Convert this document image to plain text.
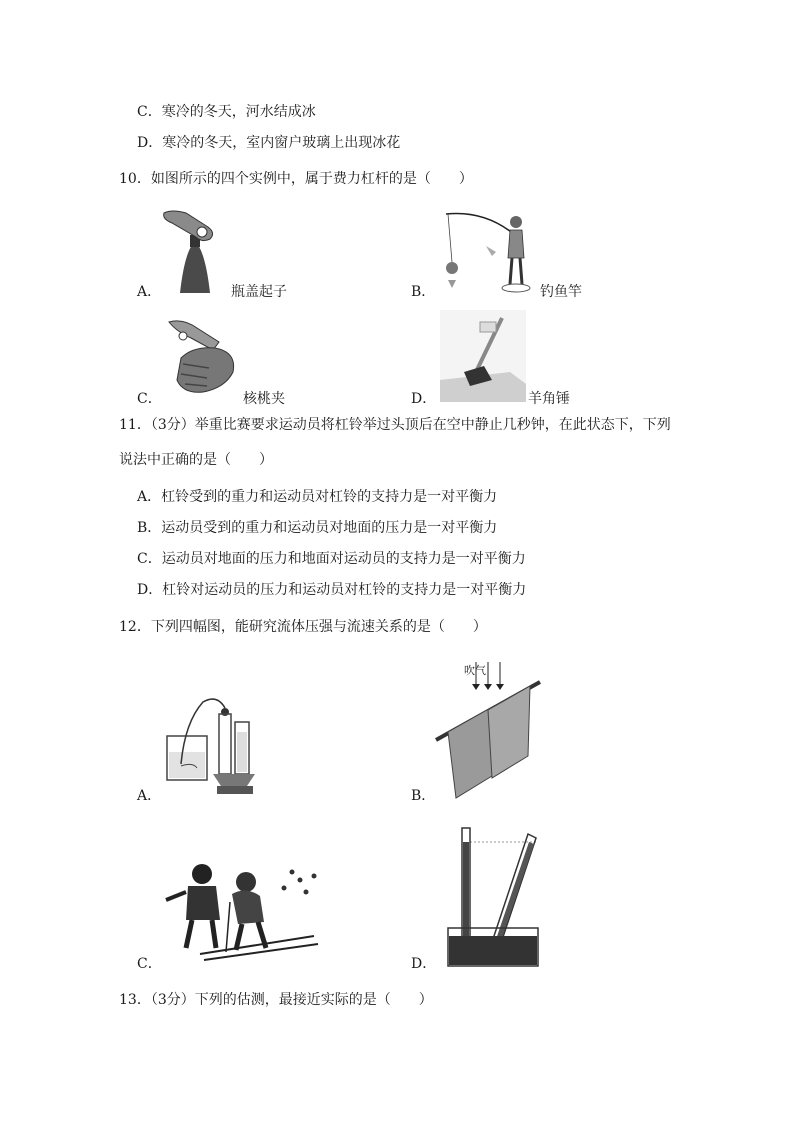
C．寒冷的冬天，河水结成冰
D．寒冷的冬天，室内窗户玻璃上出现冰花
10．如图所示的四个实例中，属于费力杠杆的是（　　）
A．	瓶盖起子	B．	钓鱼竿
C．	核桃夹	D．	羊角锤
11．（3分）举重比赛要求运动员将杠铃举过头顶后在空中静止几秒钟，在此状态下，下列
说法中正确的是（　　）
A．杠铃受到的重力和运动员对杠铃的支持力是一对平衡力
B．运动员受到的重力和运动员对地面的压力是一对平衡力
C．运动员对地面的压力和地面对运动员的支持力是一对平衡力
D．杠铃对运动员的压力和运动员对杠铃的支持力是一对平衡力
12．下列四幅图，能研究流体压强与流速关系的是（　　）
A．
吹气
B．
C．	D．
13．（3分）下列的估测，最接近实际的是（　　）
